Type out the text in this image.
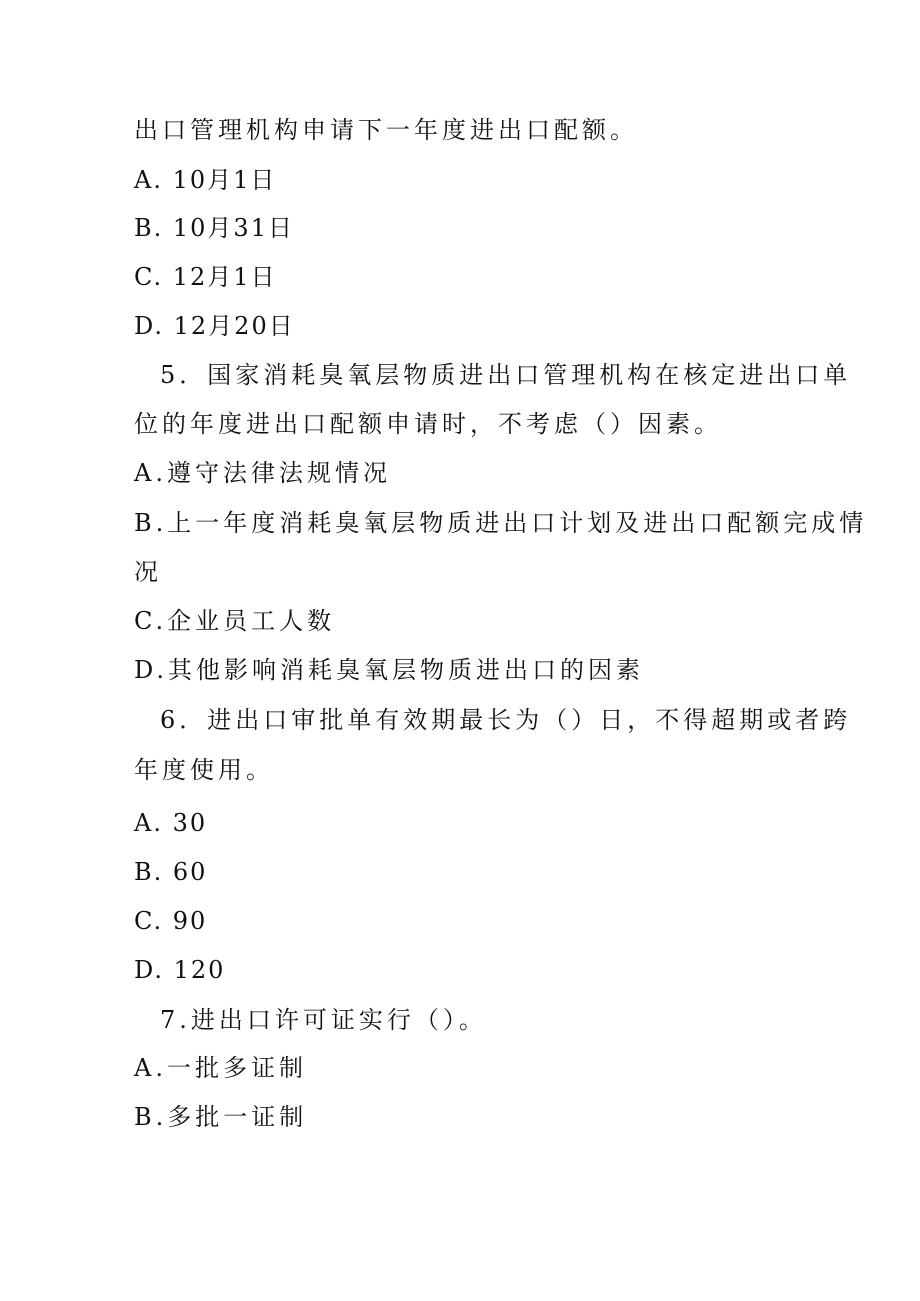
出口管理机构申请下一年度进出口配额。
A. 10月1日
B. 10月31日
C. 12月1日
D. 12月20日
5．国家消耗臭氧层物质进出口管理机构在核定进出口单
位的年度进出口配额申请时，不考虑（）因素。
A.遵守法律法规情况
B.上一年度消耗臭氧层物质进出口计划及进出口配额完成情
况
C.企业员工人数
D.其他影响消耗臭氧层物质进出口的因素
6．进出口审批单有效期最长为（）日，不得超期或者跨
年度使用。
A. 30
B. 60
C. 90
D. 120
7.进出口许可证实行（）。
A.一批多证制
B.多批一证制
